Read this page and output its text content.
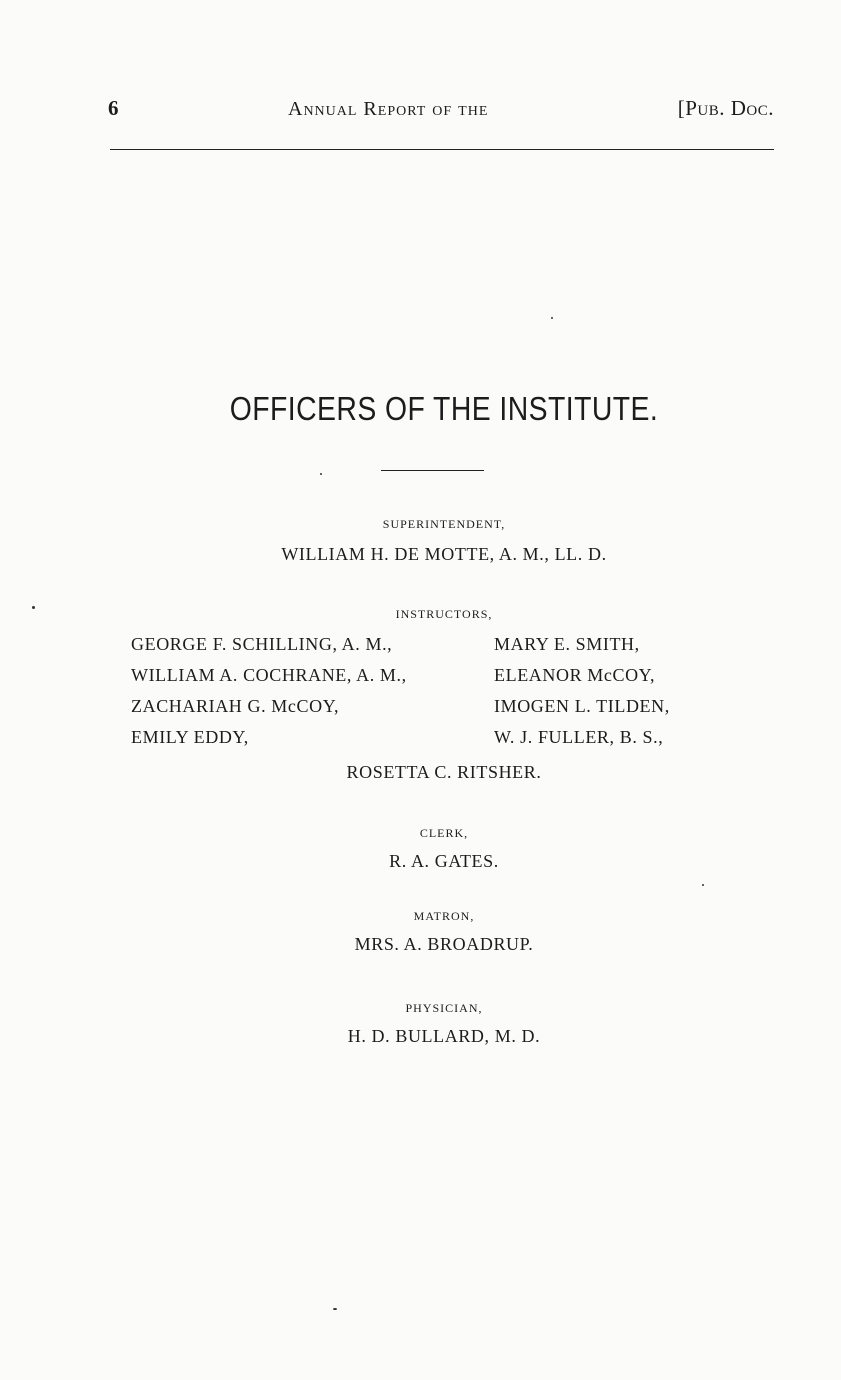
6	Annual Report of the	[Pub. Doc.
OFFICERS OF THE INSTITUTE.
SUPERINTENDENT,
WILLIAM H. DE MOTTE, A. M., LL. D.
INSTRUCTORS,
GEORGE F. SCHILLING, A. M.,
WILLIAM A. COCHRANE, A. M.,
ZACHARIAH G. McCOY,
EMILY EDDY,
MARY E. SMITH,
ELEANOR McCOY,
IMOGEN L. TILDEN,
W. J. FULLER, B. S.,
ROSETTA C. RITSHER.
CLERK,
R. A. GATES.
MATRON,
MRS. A. BROADRUP.
PHYSICIAN,
H. D. BULLARD, M. D.
